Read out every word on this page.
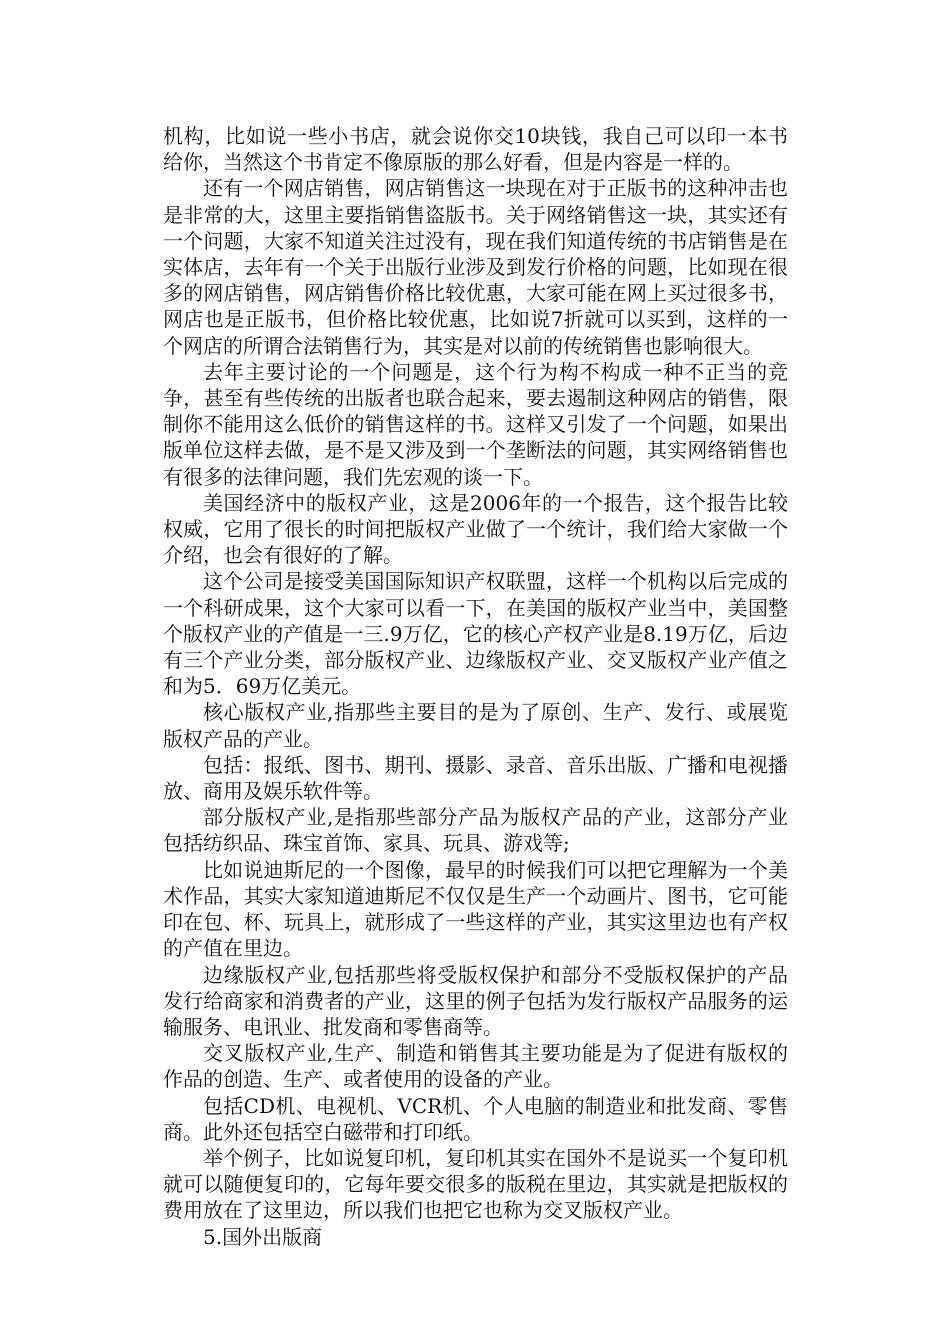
机构，比如说一些小书店，就会说你交10块钱，我自己可以印一本书给你，当然这个书肯定不像原版的那么好看，但是内容是一样的。

还有一个网店销售，网店销售这一块现在对于正版书的这种冲击也是非常的大，这里主要指销售盗版书。关于网络销售这一块，其实还有一个问题，大家不知道关注过没有，现在我们知道传统的书店销售是在实体店，去年有一个关于出版行业涉及到发行价格的问题，比如现在很多的网店销售，网店销售价格比较优惠，大家可能在网上买过很多书，网店也是正版书，但价格比较优惠，比如说7折就可以买到，这样的一个网店的所谓合法销售行为，其实是对以前的传统销售也影响很大。

去年主要讨论的一个问题是，这个行为构不构成一种不正当的竞争，甚至有些传统的出版者也联合起来，要去遏制这种网店的销售，限制你不能用这么低价的销售这样的书。这样又引发了一个问题，如果出版单位这样去做，是不是又涉及到一个垄断法的问题，其实网络销售也有很多的法律问题，我们先宏观的谈一下。

美国经济中的版权产业，这是2006年的一个报告，这个报告比较权威，它用了很长的时间把版权产业做了一个统计，我们给大家做一个介绍，也会有很好的了解。

这个公司是接受美国国际知识产权联盟，这样一个机构以后完成的一个科研成果，这个大家可以看一下，在美国的版权产业当中，美国整个版权产业的产值是一三.9万亿，它的核心产权产业是8.19万亿，后边有三个产业分类，部分版权产业、边缘版权产业、交叉版权产业产值之和为5．69万亿美元。

核心版权产业,指那些主要目的是为了原创、生产、发行、或展览版权产品的产业。

包括：报纸、图书、期刊、摄影、录音、音乐出版、广播和电视播放、商用及娱乐软件等。

部分版权产业,是指那些部分产品为版权产品的产业，这部分产业包括纺织品、珠宝首饰、家具、玩具、游戏等;

比如说迪斯尼的一个图像，最早的时候我们可以把它理解为一个美术作品，其实大家知道迪斯尼不仅仅是生产一个动画片、图书，它可能印在包、杯、玩具上，就形成了一些这样的产业，其实这里边也有产权的产值在里边。

边缘版权产业,包括那些将受版权保护和部分不受版权保护的产品发行给商家和消费者的产业，这里的例子包括为发行版权产品服务的运输服务、电讯业、批发商和零售商等。

交叉版权产业,生产、制造和销售其主要功能是为了促进有版权的作品的创造、生产、或者使用的设备的产业。

包括CD机、电视机、VCR机、个人电脑的制造业和批发商、零售商。此外还包括空白磁带和打印纸。

举个例子，比如说复印机，复印机其实在国外不是说买一个复印机就可以随便复印的，它每年要交很多的版税在里边，其实就是把版权的费用放在了这里边，所以我们也把它也称为交叉版权产业。

5.国外出版商
